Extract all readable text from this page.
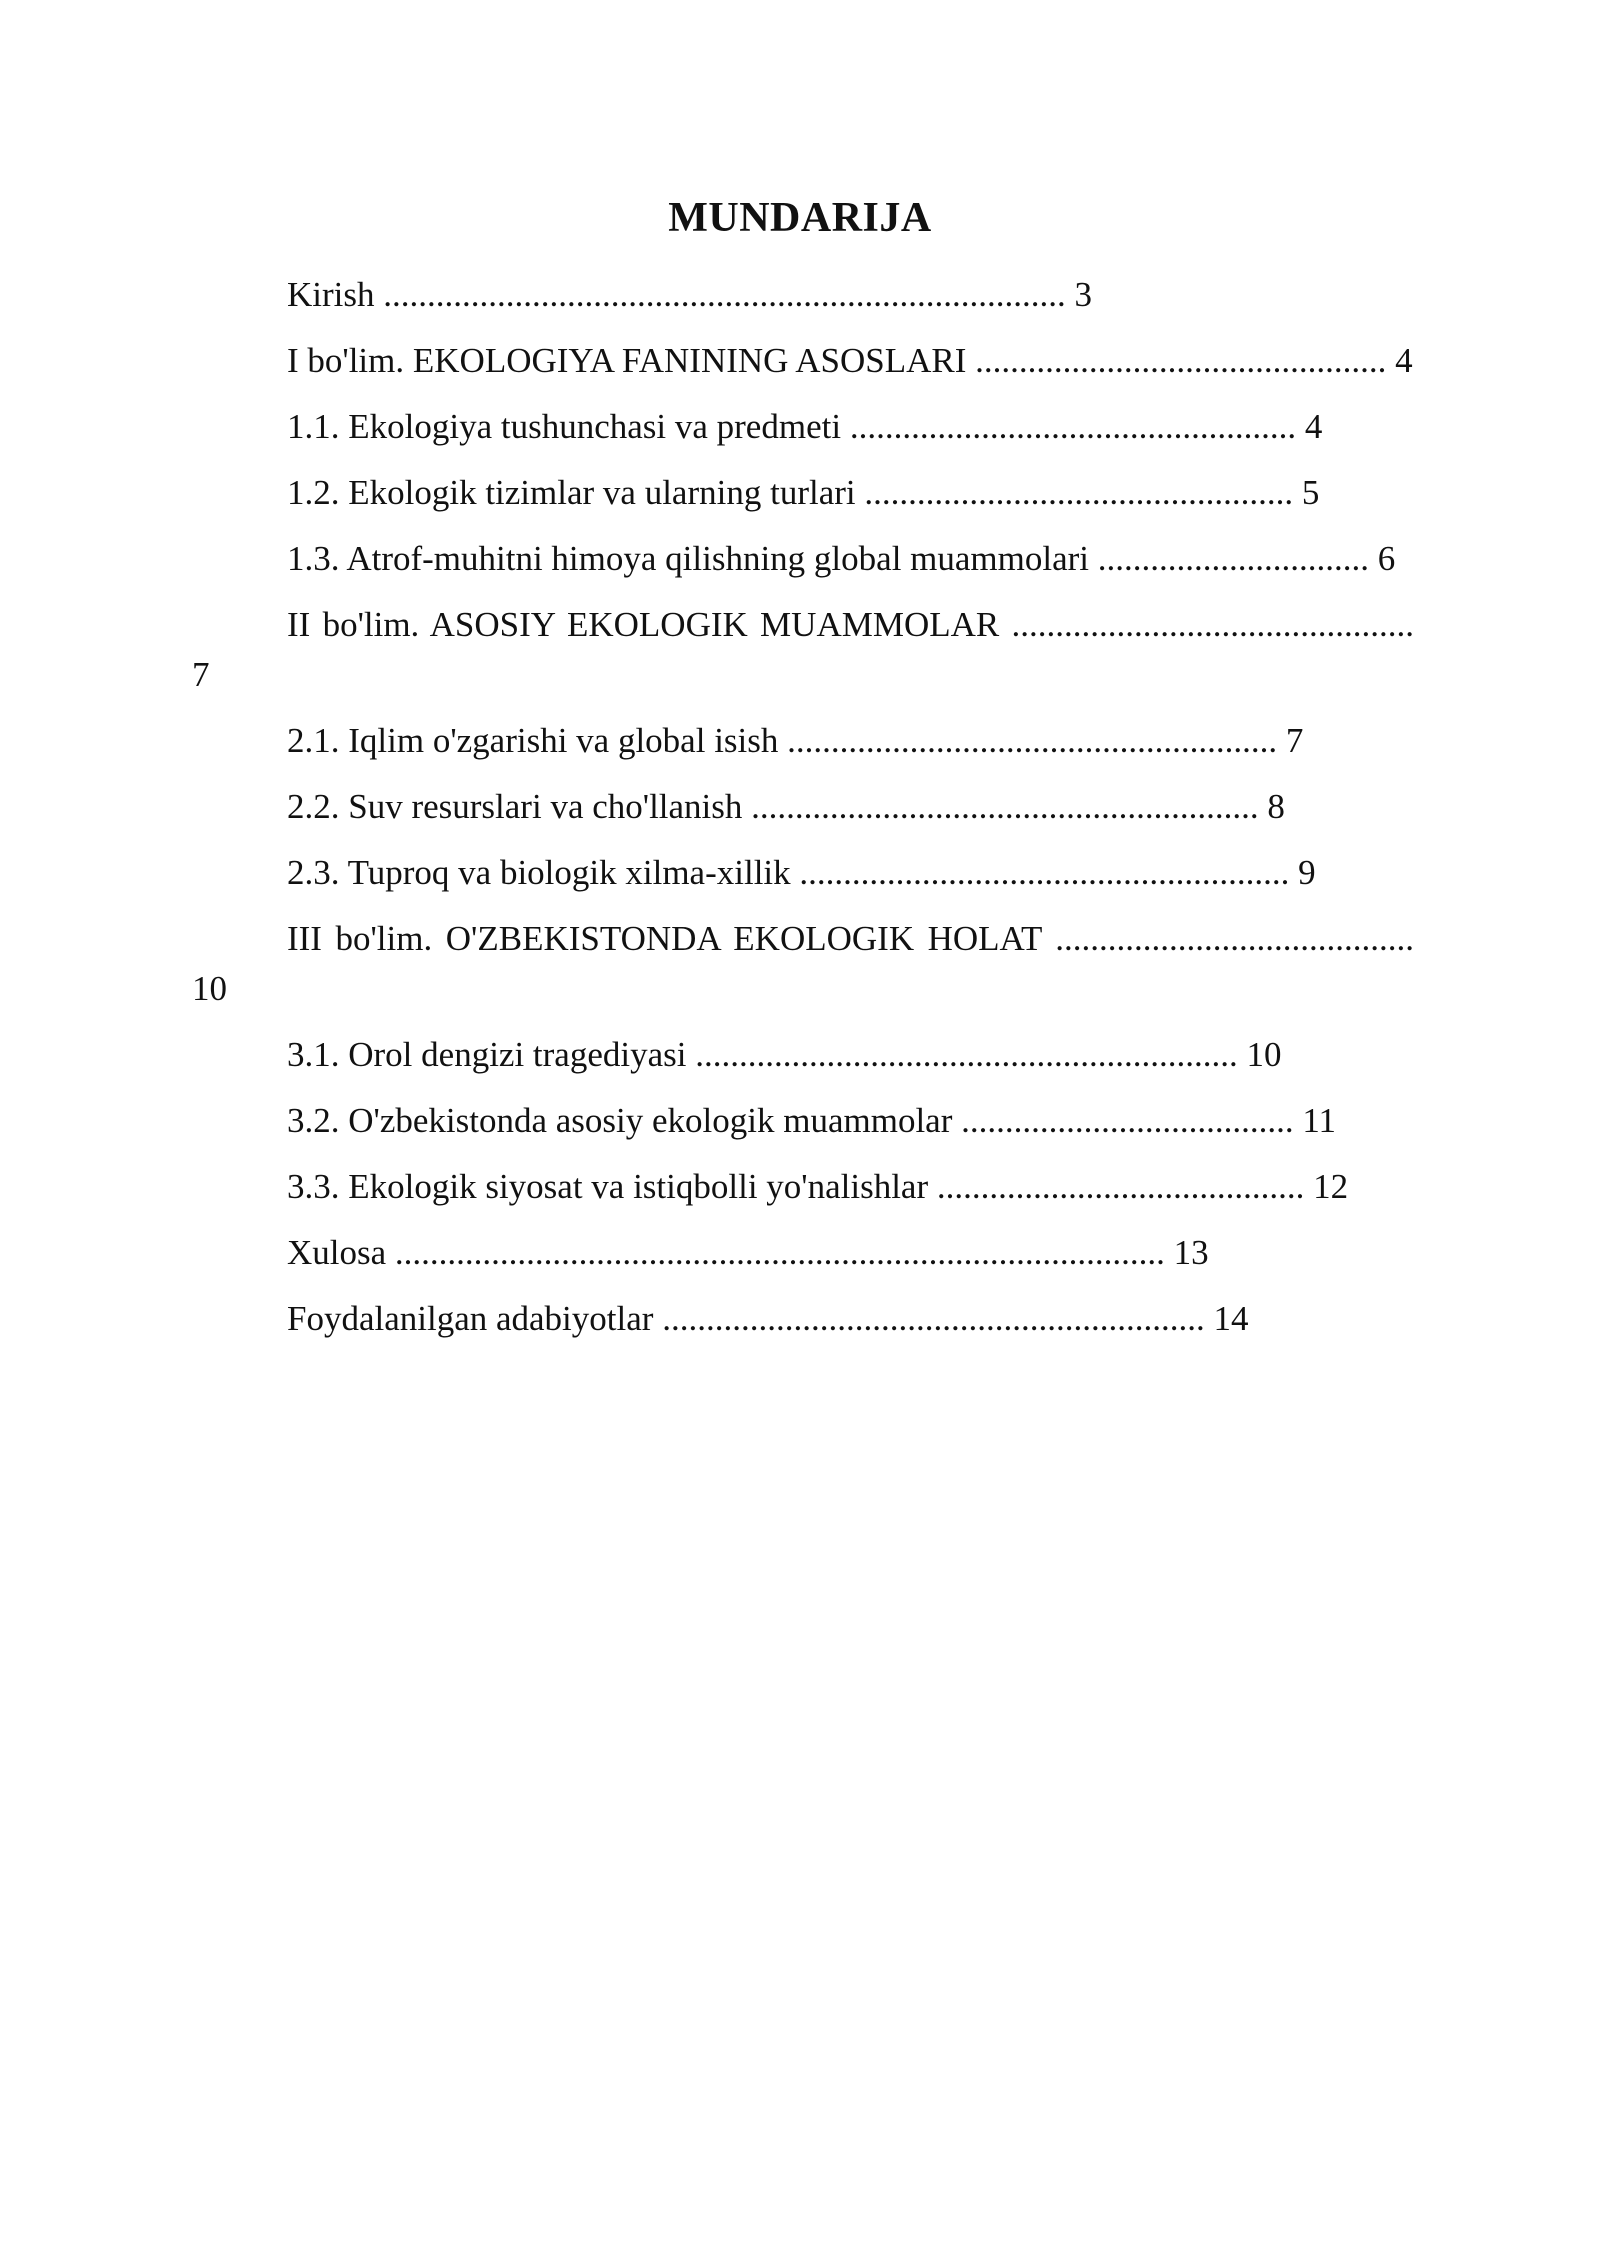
MUNDARIJA

Kirish .............................................................................. 3

I bo'lim. EKOLOGIYA FANINING ASOSLARI ............................................... 4

1.1. Ekologiya tushunchasi va predmeti ................................................... 4

1.2. Ekologik tizimlar va ularning turlari ................................................. 5

1.3. Atrof-muhitni himoya qilishning global muammolari ............................... 6

II bo'lim. ASOSIY EKOLOGIK MUAMMOLAR .............................................. 7

2.1. Iqlim o'zgarishi va global isish ........................................................ 7

2.2. Suv resurslari va cho'llanish .......................................................... 8

2.3. Tuproq va biologik xilma-xillik ........................................................ 9

III bo'lim. O'ZBEKISTONDA EKOLOGIK HOLAT ......................................... 10

3.1. Orol dengizi tragediyasi .............................................................. 10

3.2. O'zbekistonda asosiy ekologik muammolar ...................................... 11

3.3. Ekologik siyosat va istiqbolli yo'nalishlar .......................................... 12

Xulosa ........................................................................................ 13

Foydalanilgan adabiyotlar .............................................................. 14
